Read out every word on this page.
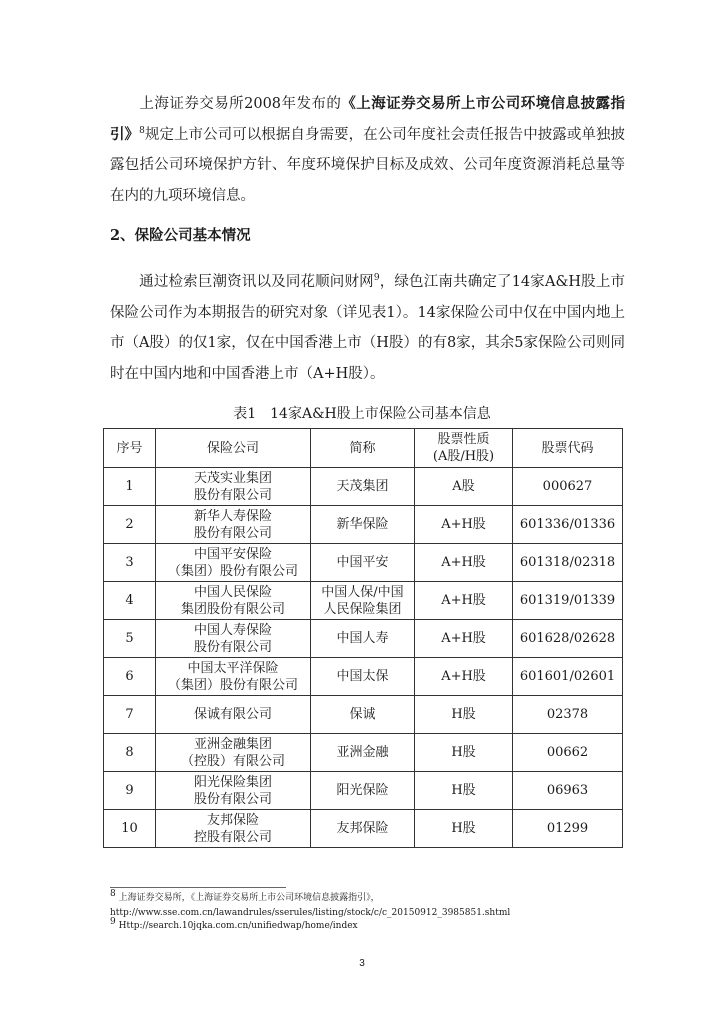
上海证券交易所2008年发布的《上海证券交易所上市公司环境信息披露指引》$^8$规定上市公司可以根据自身需要，在公司年度社会责任报告中披露或单独披露包括公司环境保护方针、年度环境保护目标及成效、公司年度资源消耗总量等在内的九项环境信息。

2、保险公司基本情况

通过检索巨潮资讯以及同花顺问财网$^9$，绿色江南共确定了14家A&H股上市保险公司作为本期报告的研究对象（详见表1）。14家保险公司中仅在中国内地上市（A股）的仅1家，仅在中国香港上市（H股）的有8家，其余5家保险公司则同时在中国内地和中国香港上市（A+H股）。

表1　14家A&H股上市保险公司基本信息

序号	保险公司	简称	股票性质
(A股/H股)	股票代码
1	天茂实业集团
股份有限公司	天茂集团	A股	000627
2	新华人寿保险
股份有限公司	新华保险	A+H股	601336/01336
3	中国平安保险
（集团）股份有限公司	中国平安	A+H股	601318/02318
4	中国人民保险
集团股份有限公司	中国人保/中国
人民保险集团	A+H股	601319/01339
5	中国人寿保险
股份有限公司	中国人寿	A+H股	601628/02628
6	中国太平洋保险
（集团）股份有限公司	中国太保	A+H股	601601/02601
7	保诚有限公司	保诚	H股	02378
8	亚洲金融集团
（控股）有限公司	亚洲金融	H股	00662
9	阳光保险集团
股份有限公司	阳光保险	H股	06963
10	友邦保险
控股有限公司	友邦保险	H股	01299

$^8$ 上海证券交易所，《上海证券交易所上市公司环境信息披露指引》，

http://www.sse.com.cn/lawandrules/sserules/listing/stock/c/c_20150912_3985851.shtml

$^9$ Http://search.10jqka.com.cn/unifiedwap/home/index

3
